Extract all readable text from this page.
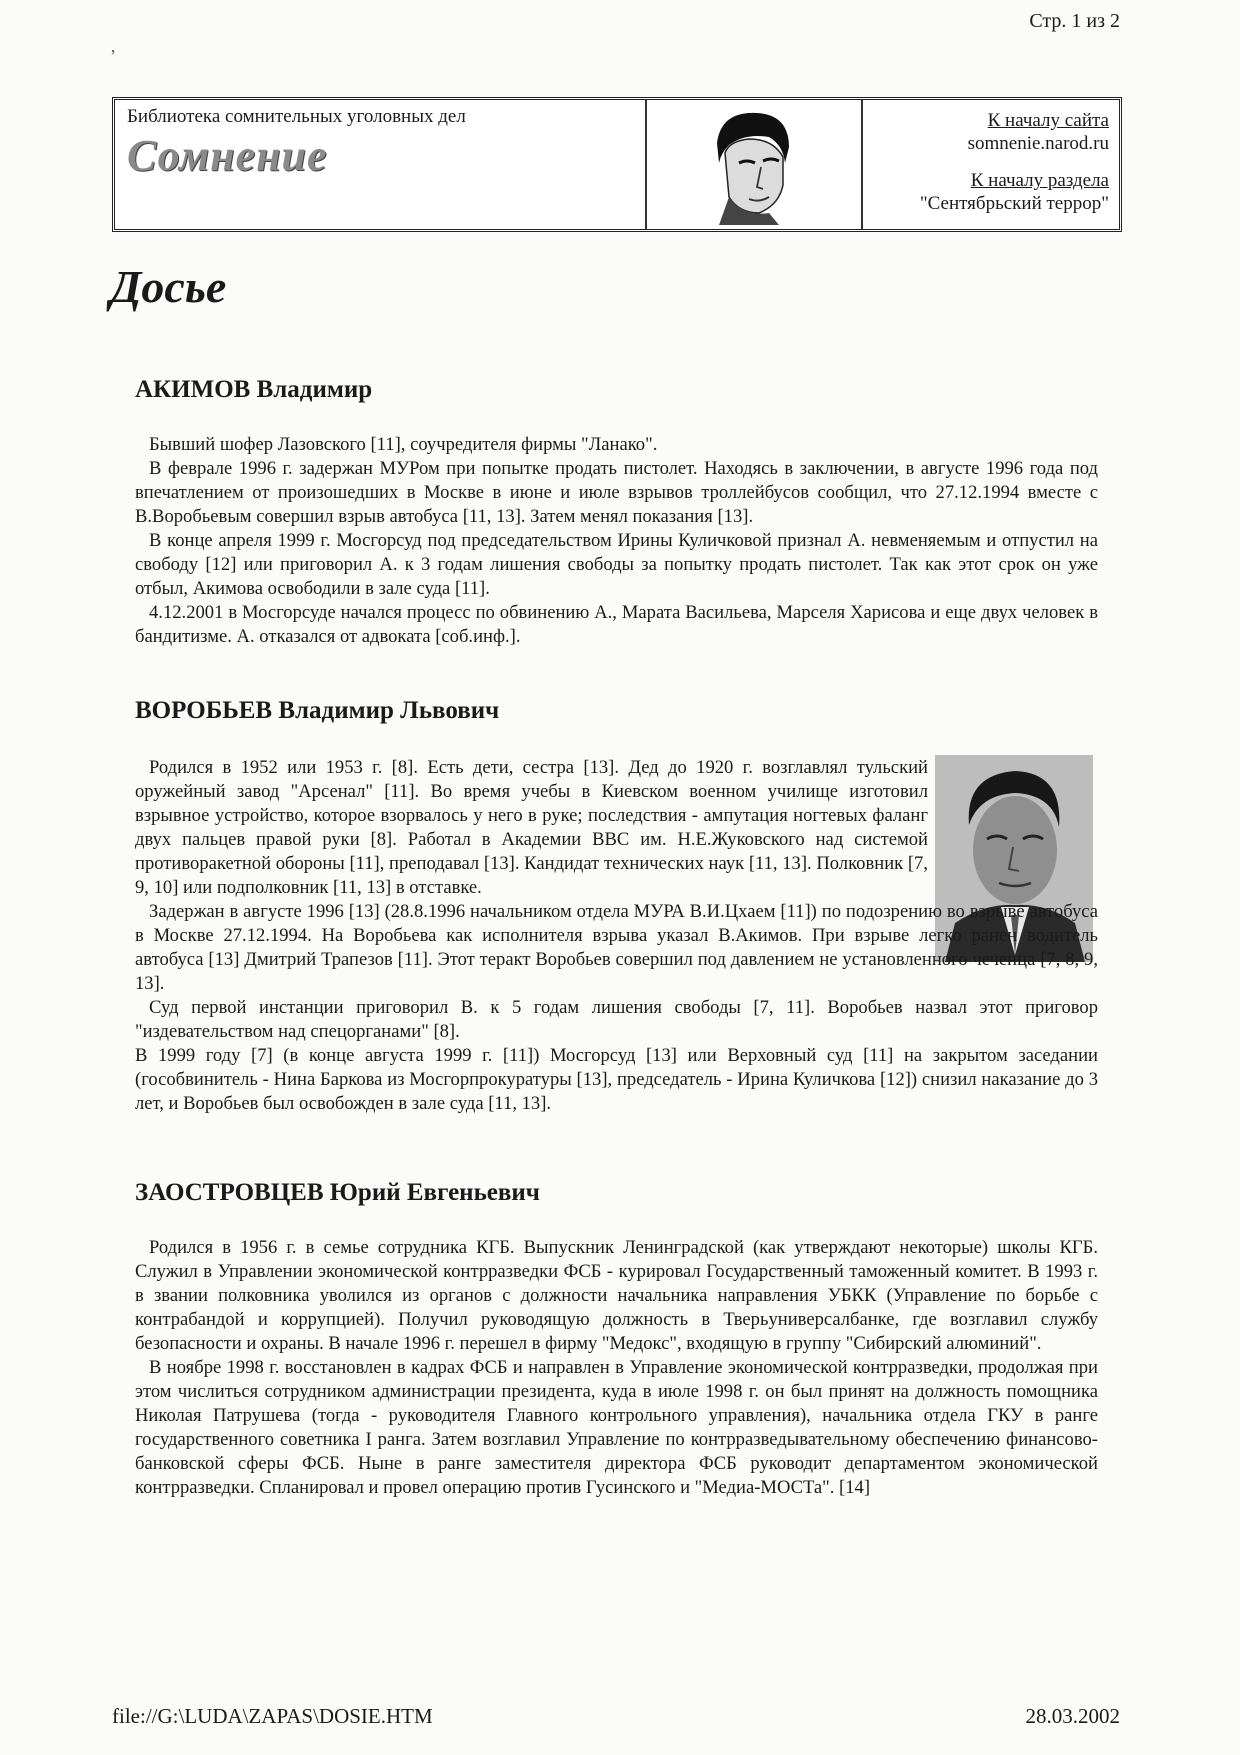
Стр. 1 из 2
’
Библиотека сомнительных уголовных дел
Сомнение
К началу сайта
somnenie.narod.ru
К началу раздела
"Сентябрьский террор"
Досье
АКИМОВ Владимир

Бывший шофер Лазовского [11], соучредителя фирмы "Ланако".

В феврале 1996 г. задержан МУРом при попытке продать пистолет. Находясь в заключении, в августе 1996 года под впечатлением от произошедших в Москве в июне и июле взрывов троллейбусов сообщил, что 27.12.1994 вместе с В.Воробьевым совершил взрыв автобуса [11, 13]. Затем менял показания [13].

В конце апреля 1999 г. Мосгорсуд под председательством Ирины Куличковой признал А. невменяемым и отпустил на свободу [12] или приговорил А. к 3 годам лишения свободы за попытку продать пистолет. Так как этот срок он уже отбыл, Акимова освободили в зале суда [11].

4.12.2001 в Мосгорсуде начался процесс по обвинению А., Марата Васильева, Марселя Харисова и еще двух человек в бандитизме. А. отказался от адвоката [соб.инф.].

ВОРОБЬЕВ Владимир Львович

Родился в 1952 или 1953 г. [8]. Есть дети, сестра [13]. Дед до 1920 г. возглавлял тульский оружейный завод "Арсенал" [11]. Во время учебы в Киевском военном училище изготовил взрывное устройство, которое взорвалось у него в руке; последствия - ампутация ногтевых фаланг двух пальцев правой руки [8]. Работал в Академии ВВС им. Н.Е.Жуковского над системой противоракетной обороны [11], преподавал [13]. Кандидат технических наук [11, 13]. Полковник [7, 9, 10] или подполковник [11, 13] в отставке.

Задержан в августе 1996 [13] (28.8.1996 начальником отдела МУРА В.И.Цхаем [11]) по подозрению во взрыве автобуса в Москве 27.12.1994. На Воробьева как исполнителя взрыва указал В.Акимов. При взрыве легко ранен водитель автобуса [13] Дмитрий Трапезов [11]. Этот теракт Воробьев совершил под давлением не установленного чеченца [7, 8, 9, 13].

Суд первой инстанции приговорил В. к 5 годам лишения свободы [7, 11]. Воробьев назвал этот приговор "издевательством над спецорганами" [8].

В 1999 году [7] (в конце августа 1999 г. [11]) Мосгорсуд [13] или Верховный суд [11] на закрытом заседании (гособвинитель - Нина Баркова из Мосгорпрокуратуры [13], председатель - Ирина Куличкова [12]) снизил наказание до 3 лет, и Воробьев был освобожден в зале суда [11, 13].

ЗАОСТРОВЦЕВ Юрий Евгеньевич

Родился в 1956 г. в семье сотрудника КГБ. Выпускник Ленинградской (как утверждают некоторые) школы КГБ. Служил в Управлении экономической контрразведки ФСБ - курировал Государственный таможенный комитет. В 1993 г. в звании полковника уволился из органов с должности начальника направления УБКК (Управление по борьбе с контрабандой и коррупцией). Получил руководящую должность в Тверьуниверсалбанке, где возглавил службу безопасности и охраны. В начале 1996 г. перешел в фирму "Медокс", входящую в группу "Сибирский алюминий".

В ноябре 1998 г. восстановлен в кадрах ФСБ и направлен в Управление экономической контрразведки, продолжая при этом числиться сотрудником администрации президента, куда в июле 1998 г. он был принят на должность помощника Николая Патрушева (тогда - руководителя Главного контрольного управления), начальника отдела ГКУ в ранге государственного советника I ранга. Затем возглавил Управление по контрразведывательному обеспечению финансово-банковской сферы ФСБ. Ныне в ранге заместителя директора ФСБ руководит департаментом экономической контрразведки. Спланировал и провел операцию против Гусинского и "Медиа-МОСТа". [14]

file://G:\LUDA\ZAPAS\DOSIE.HTM	28.03.2002
